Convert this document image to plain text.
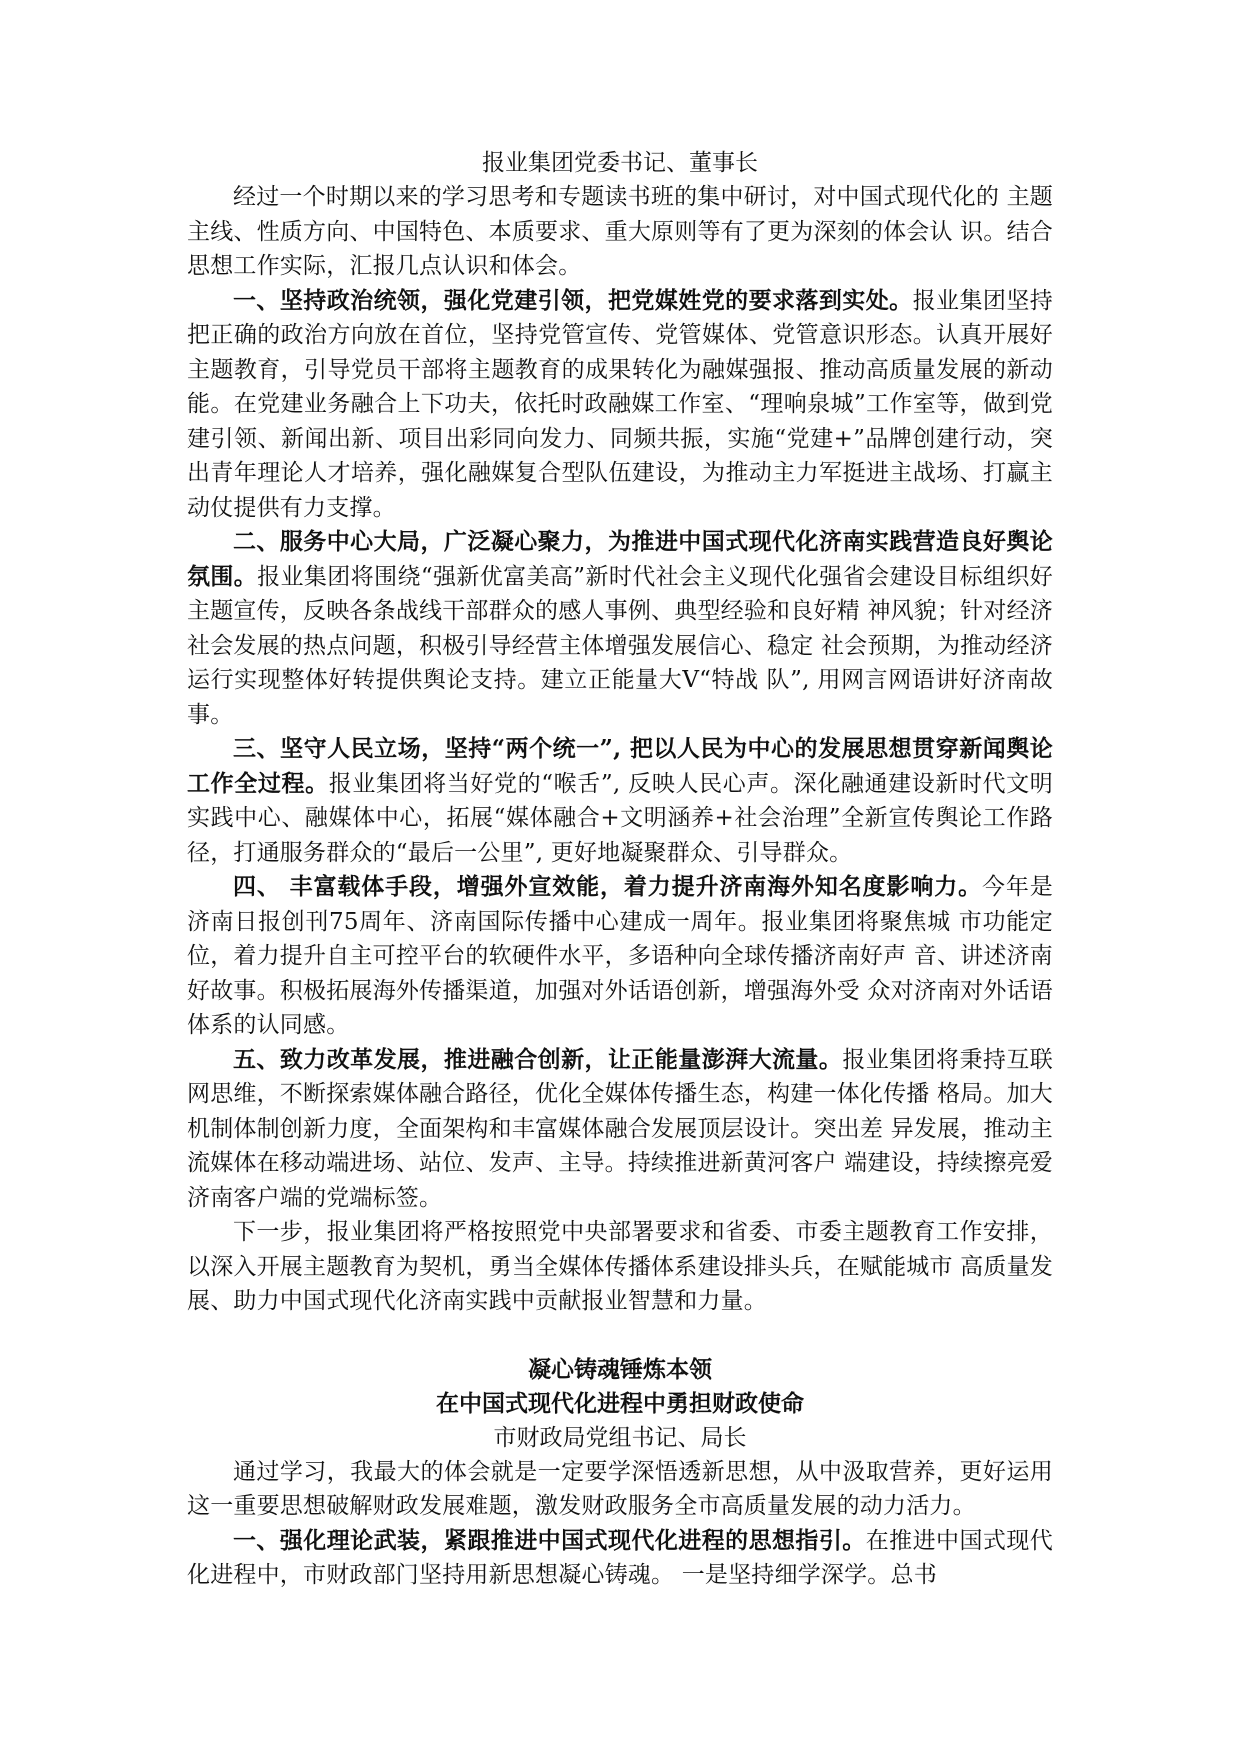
报业集团党委书记、董事长

经过一个时期以来的学习思考和专题读书班的集中研讨，对中国式现代化的 主题主线、性质方向、中国特色、本质要求、重大原则等有了更为深刻的体会认 识。结合思想工作实际，汇报几点认识和体会。

一、坚持政治统领，强化党建引领，把党媒姓党的要求落到实处。报业集团坚持把正确的政治方向放在首位，坚持党管宣传、党管媒体、党管意识形态。认真开展好主题教育，引导党员干部将主题教育的成果转化为融媒强报、推动高质量发展的新动能。在党建业务融合上下功夫，依托时政融媒工作室、“理响泉城”工作室等，做到党建引领、新闻出新、项目出彩同向发力、同频共振，实施“党建+”品牌创建行动，突出青年理论人才培养，强化融媒复合型队伍建设，为推动主力军挺进主战场、打赢主动仗提供有力支撑。

二、服务中心大局，广泛凝心聚力，为推进中国式现代化济南实践营造良好舆论氛围。报业集团将围绕“强新优富美高”新时代社会主义现代化强省会建设目标组织好主题宣传，反映各条战线干部群众的感人事例、典型经验和良好精 神风貌；针对经济社会发展的热点问题，积极引导经营主体增强发展信心、稳定 社会预期，为推动经济运行实现整体好转提供舆论支持。建立正能量大V“特战 队”, 用网言网语讲好济南故事。

三、坚守人民立场，坚持“两个统一”, 把以人民为中心的发展思想贯穿新闻舆论工作全过程。报业集团将当好党的“喉舌”, 反映人民心声。深化融通建设新时代文明实践中心、融媒体中心，拓展“媒体融合+文明涵养+社会治理”全新宣传舆论工作路径，打通服务群众的“最后一公里”, 更好地凝聚群众、引导群众。

四、 丰富载体手段，增强外宣效能，着力提升济南海外知名度影响力。今年是济南日报创刊75周年、济南国际传播中心建成一周年。报业集团将聚焦城 市功能定位，着力提升自主可控平台的软硬件水平，多语种向全球传播济南好声 音、讲述济南好故事。积极拓展海外传播渠道，加强对外话语创新，增强海外受 众对济南对外话语体系的认同感。

五、致力改革发展，推进融合创新，让正能量澎湃大流量。报业集团将秉持互联网思维，不断探索媒体融合路径，优化全媒体传播生态，构建一体化传播 格局。加大机制体制创新力度，全面架构和丰富媒体融合发展顶层设计。突出差 异发展，推动主流媒体在移动端进场、站位、发声、主导。持续推进新黄河客户 端建设，持续擦亮爱济南客户端的党端标签。

下一步，报业集团将严格按照党中央部署要求和省委、市委主题教育工作安排，以深入开展主题教育为契机，勇当全媒体传播体系建设排头兵，在赋能城市 高质量发展、助力中国式现代化济南实践中贡献报业智慧和力量。

凝心铸魂锤炼本领

在中国式现代化进程中勇担财政使命

市财政局党组书记、局长

通过学习，我最大的体会就是一定要学深悟透新思想，从中汲取营养，更好运用这一重要思想破解财政发展难题，激发财政服务全市高质量发展的动力活力。

一、强化理论武装，紧跟推进中国式现代化进程的思想指引。在推进中国式现代化进程中，市财政部门坚持用新思想凝心铸魂。 一是坚持细学深学。总书
